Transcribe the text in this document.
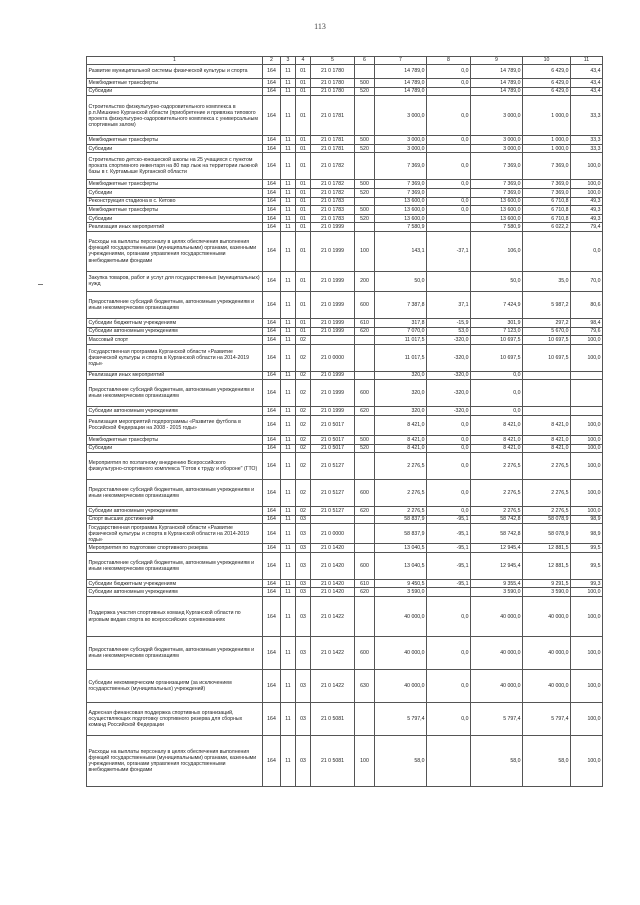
113
1	2	3	4	5	6	7	8	9	10	11
Развитие муниципальной системы физической культуры и спорта	164	11	01	21 0 1780		14 789,0	0,0	14 789,0	6 429,0	43,4
Межбюджетные трансферты	164	11	01	21 0 1780	500	14 789,0	0,0	14 789,0	6 429,0	43,4
Субсидии	164	11	01	21 0 1780	520	14 789,0		14 789,0	6 429,0	43,4
Строительство физкультурно-оздоровительного комплекса в р.п.Мишкино Курганской области (приобретение и привязка типового проекта физкультурно-оздоровительного комплекса с универсальным спортивным залом)	164	11	01	21 0 1781		3 000,0	0,0	3 000,0	1 000,0	33,3
Межбюджетные трансферты	164	11	01	21 0 1781	500	3 000,0	0,0	3 000,0	1 000,0	33,3
Субсидии	164	11	01	21 0 1781	520	3 000,0		3 000,0	1 000,0	33,3
Строительство детско-юношеской школы на 25 учащихся с пунктом проката спортивного инвентаря на 80 пар лыж на территории лыжной базы в г. Куртамыше Курганской области	164	11	01	21 0 1782		7 369,0	0,0	7 369,0	7 369,0	100,0
Межбюджетные трансферты	164	11	01	21 0 1782	500	7 369,0	0,0	7 369,0	7 369,0	100,0
Субсидии	164	11	01	21 0 1782	520	7 369,0		7 369,0	7 369,0	100,0
Реконструкция стадиона в с. Кетово	164	11	01	21 0 1783		13 600,0	0,0	13 600,0	6 710,8	49,3
Межбюджетные трансферты	164	11	01	21 0 1783	500	13 600,0	0,0	13 600,0	6 710,8	49,3
Субсидии	164	11	01	21 0 1783	520	13 600,0		13 600,0	6 710,8	49,3
Реализация иных мероприятий	164	11	01	21 0 1999		7 580,9		7 580,9	6 022,2	79,4
Расходы на выплаты персоналу в целях обеспечения выполнения функций государственными (муниципальными) органами, казенными учреждениями, органами управления государственными внебюджетными фондами	164	11	01	21 0 1999	100	143,1	-37,1	106,0		0,0
Закупка товаров, работ и услуг для государственных (муниципальных) нужд	164	11	01	21 0 1999	200	50,0		50,0	35,0	70,0
Предоставление субсидий бюджетным, автономным учреждениям и иным некоммерческим организациям	164	11	01	21 0 1999	600	7 387,8	37,1	7 424,9	5 987,2	80,6
Субсидии бюджетным учреждениям	164	11	01	21 0 1999	610	317,8	-15,9	301,9	297,2	98,4
Субсидии автономным учреждениям	164	11	01	21 0 1999	620	7 070,0	53,0	7 123,0	5 670,0	79,6
Массовый спорт	164	11	02			11 017,5	-320,0	10 697,5	10 697,5	100,0
Государственная программа Курганской области «Развитие физической культуры и спорта в Курганской области на 2014-2019 годы»	164	11	02	21 0 0000		11 017,5	-320,0	10 697,5	10 697,5	100,0
Реализация иных мероприятий	164	11	02	21 0 1999		320,0	-320,0	0,0		
Предоставление субсидий бюджетным, автономным учреждениям и иным некоммерческим организациям	164	11	02	21 0 1999	600	320,0	-320,0	0,0		
Субсидии автономным учреждениям	164	11	02	21 0 1999	620	320,0	-320,0	0,0		
Реализация мероприятий подпрограммы «Развитие футбола в Российской Федерации на 2008 - 2015 годы»	164	11	02	21 0 5017		8 421,0	0,0	8 421,0	8 421,0	100,0
Межбюджетные трансферты	164	11	02	21 0 5017	500	8 421,0	0,0	8 421,0	8 421,0	100,0
Субсидии	164	11	02	21 0 5017	520	8 421,0	0,0	8 421,0	8 421,0	100,0
Мероприятия по поэтапному внедрению Всероссийского физкультурно-спортивного комплекса "Готов к труду и обороне" (ГТО)	164	11	02	21 0 5127		2 276,5	0,0	2 276,5	2 276,5	100,0
Предоставление субсидий бюджетным, автономным учреждениям и иным некоммерческим организациям	164	11	02	21 0 5127	600	2 276,5	0,0	2 276,5	2 276,5	100,0
Субсидии автономным учреждениям	164	11	02	21 0 5127	620	2 276,5	0,0	2 276,5	2 276,5	100,0
Спорт высших достижений	164	11	03			58 837,9	-95,1	58 742,8	58 078,9	98,9
Государственная программа Курганской области «Развитие физической культуры и спорта в Курганской области на 2014-2019 годы»	164	11	03	21 0 0000		58 837,9	-95,1	58 742,8	58 078,9	98,9
Мероприятия по подготовке спортивного резерва	164	11	03	21 0 1420		13 040,5	-95,1	12 945,4	12 881,5	99,5
Предоставление субсидий бюджетным, автономным учреждениям и иным некоммерческим организациям	164	11	03	21 0 1420	600	13 040,5	-95,1	12 945,4	12 881,5	99,5
Субсидии бюджетным учреждениям	164	11	03	21 0 1420	610	9 450,5	-95,1	9 355,4	9 291,5	99,3
Субсидии автономным учреждениям	164	11	03	21 0 1420	620	3 590,0		3 590,0	3 590,0	100,0
Поддержка участия спортивных команд Курганской области по игровым видам спорта во всероссийских соревнованиях	164	11	03	21 0 1422		40 000,0	0,0	40 000,0	40 000,0	100,0
Предоставление субсидий бюджетным, автономным учреждениям и иным некоммерческим организациям	164	11	03	21 0 1422	600	40 000,0	0,0	40 000,0	40 000,0	100,0
Субсидии некоммерческим организациям (за исключением государственных (муниципальных) учреждений)	164	11	03	21 0 1422	630	40 000,0	0,0	40 000,0	40 000,0	100,0
Адресная финансовая поддержка спортивных организаций, осуществляющих подготовку спортивного резерва для сборных команд Российской Федерации	164	11	03	21 0 5081		5 797,4	0,0	5 797,4	5 797,4	100,0
Расходы на выплаты персоналу в целях обеспечения выполнения функций государственными (муниципальными) органами, казенными учреждениями, органами управления государственными внебюджетными фондами	164	11	03	21 0 5081	100	58,0		58,0	58,0	100,0
